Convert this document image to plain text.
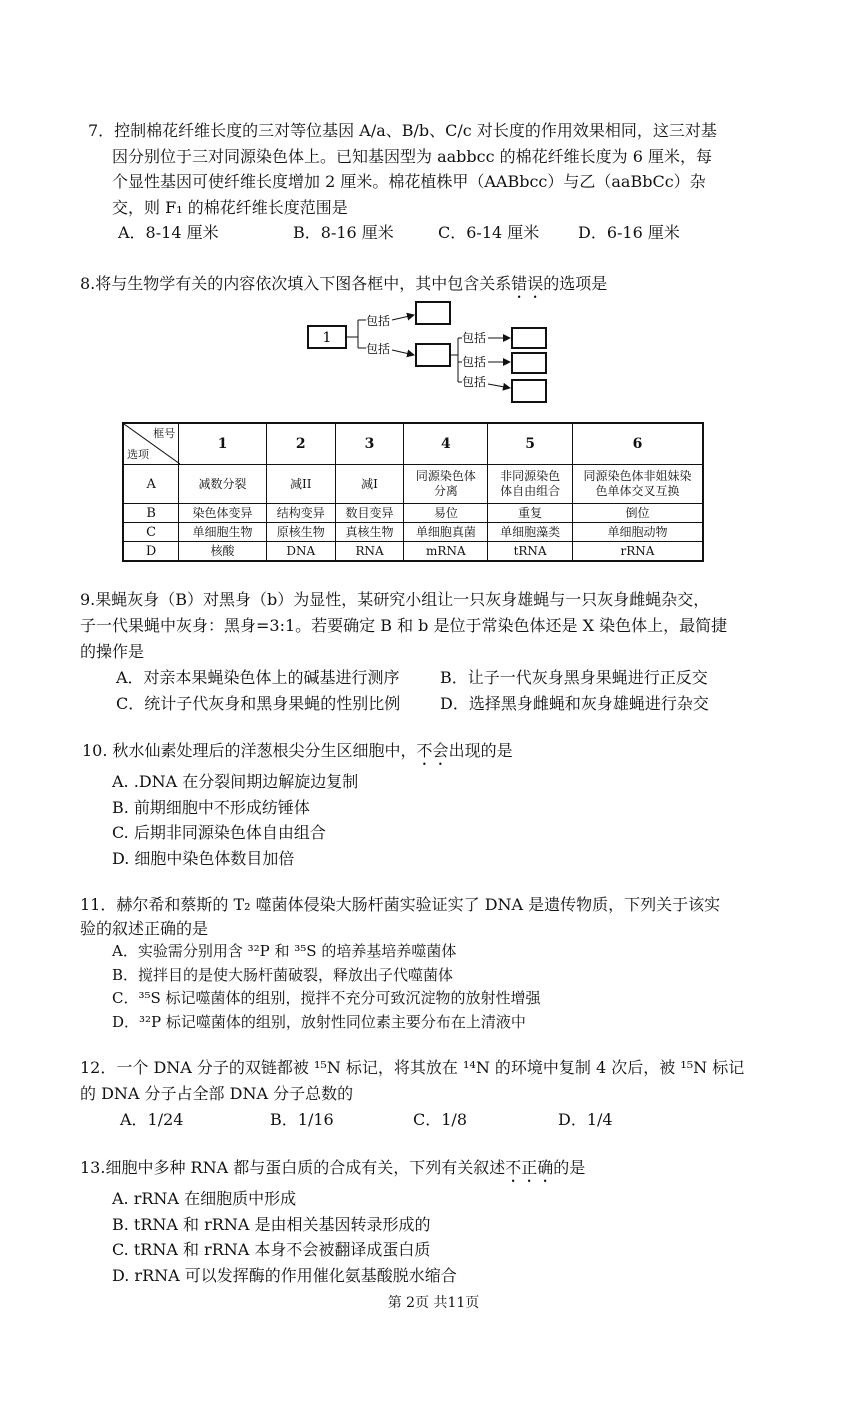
7．控制棉花纤维长度的三对等位基因 A/a、B/b、C/c 对长度的作用效果相同，这三对基
因分别位于三对同源染色体上。已知基因型为 aabbcc 的棉花纤维长度为 6 厘米，每
个显性基因可使纤维长度增加 2 厘米。棉花植株甲（AABbcc）与乙（aaBbCc）杂
交，则 F₁ 的棉花纤维长度范围是
A．8-14 厘米	B．8-16 厘米	C．6-14 厘米	D．6-16 厘米
8.将与生物学有关的内容依次填入下图各框中，其中包含关系错误的选项是
1
包括
包括
包括
包括
包括
框号
选项	1	2	3	4	5	6
A	减数分裂	减II	减I	同源染色体分离	非同源染色体自由组合	同源染色体非姐妹染色单体交叉互换
B	染色体变异	结构变异	数目变异	易位	重复	倒位
C	单细胞生物	原核生物	真核生物	单细胞真菌	单细胞藻类	单细胞动物
D	核酸	DNA	RNA	mRNA	tRNA	rRNA
9.果蝇灰身（B）对黑身（b）为显性，某研究小组让一只灰身雄蝇与一只灰身雌蝇杂交，
子一代果蝇中灰身：黑身=3:1。若要确定 B 和 b 是位于常染色体还是 X 染色体上，最简捷
的操作是
A．对亲本果蝇染色体上的碱基进行测序	B．让子一代灰身黑身果蝇进行正反交
C．统计子代灰身和黑身果蝇的性别比例	D．选择黑身雌蝇和灰身雄蝇进行杂交
10. 秋水仙素处理后的洋葱根尖分生区细胞中，不会出现的是
A. .DNA 在分裂间期边解旋边复制
B. 前期细胞中不形成纺锤体
C. 后期非同源染色体自由组合
D. 细胞中染色体数目加倍
11．赫尔希和蔡斯的 T₂ 噬菌体侵染大肠杆菌实验证实了 DNA 是遗传物质，下列关于该实
验的叙述正确的是
A．实验需分别用含 ³²P 和 ³⁵S 的培养基培养噬菌体
B．搅拌目的是使大肠杆菌破裂，释放出子代噬菌体
C．³⁵S 标记噬菌体的组别，搅拌不充分可致沉淀物的放射性增强
D．³²P 标记噬菌体的组别，放射性同位素主要分布在上清液中
12．一个 DNA 分子的双链都被 ¹⁵N 标记，将其放在 ¹⁴N 的环境中复制 4 次后，被 ¹⁵N 标记
的 DNA 分子占全部 DNA 分子总数的
A．1/24	B．1/16	C．1/8	D．1/4
13.细胞中多种 RNA 都与蛋白质的合成有关，下列有关叙述不正确的是
A. rRNA 在细胞质中形成
B. tRNA 和 rRNA 是由相关基因转录形成的
C. tRNA 和 rRNA 本身不会被翻译成蛋白质
D. rRNA 可以发挥酶的作用催化氨基酸脱水缩合
第 2页 共11页
